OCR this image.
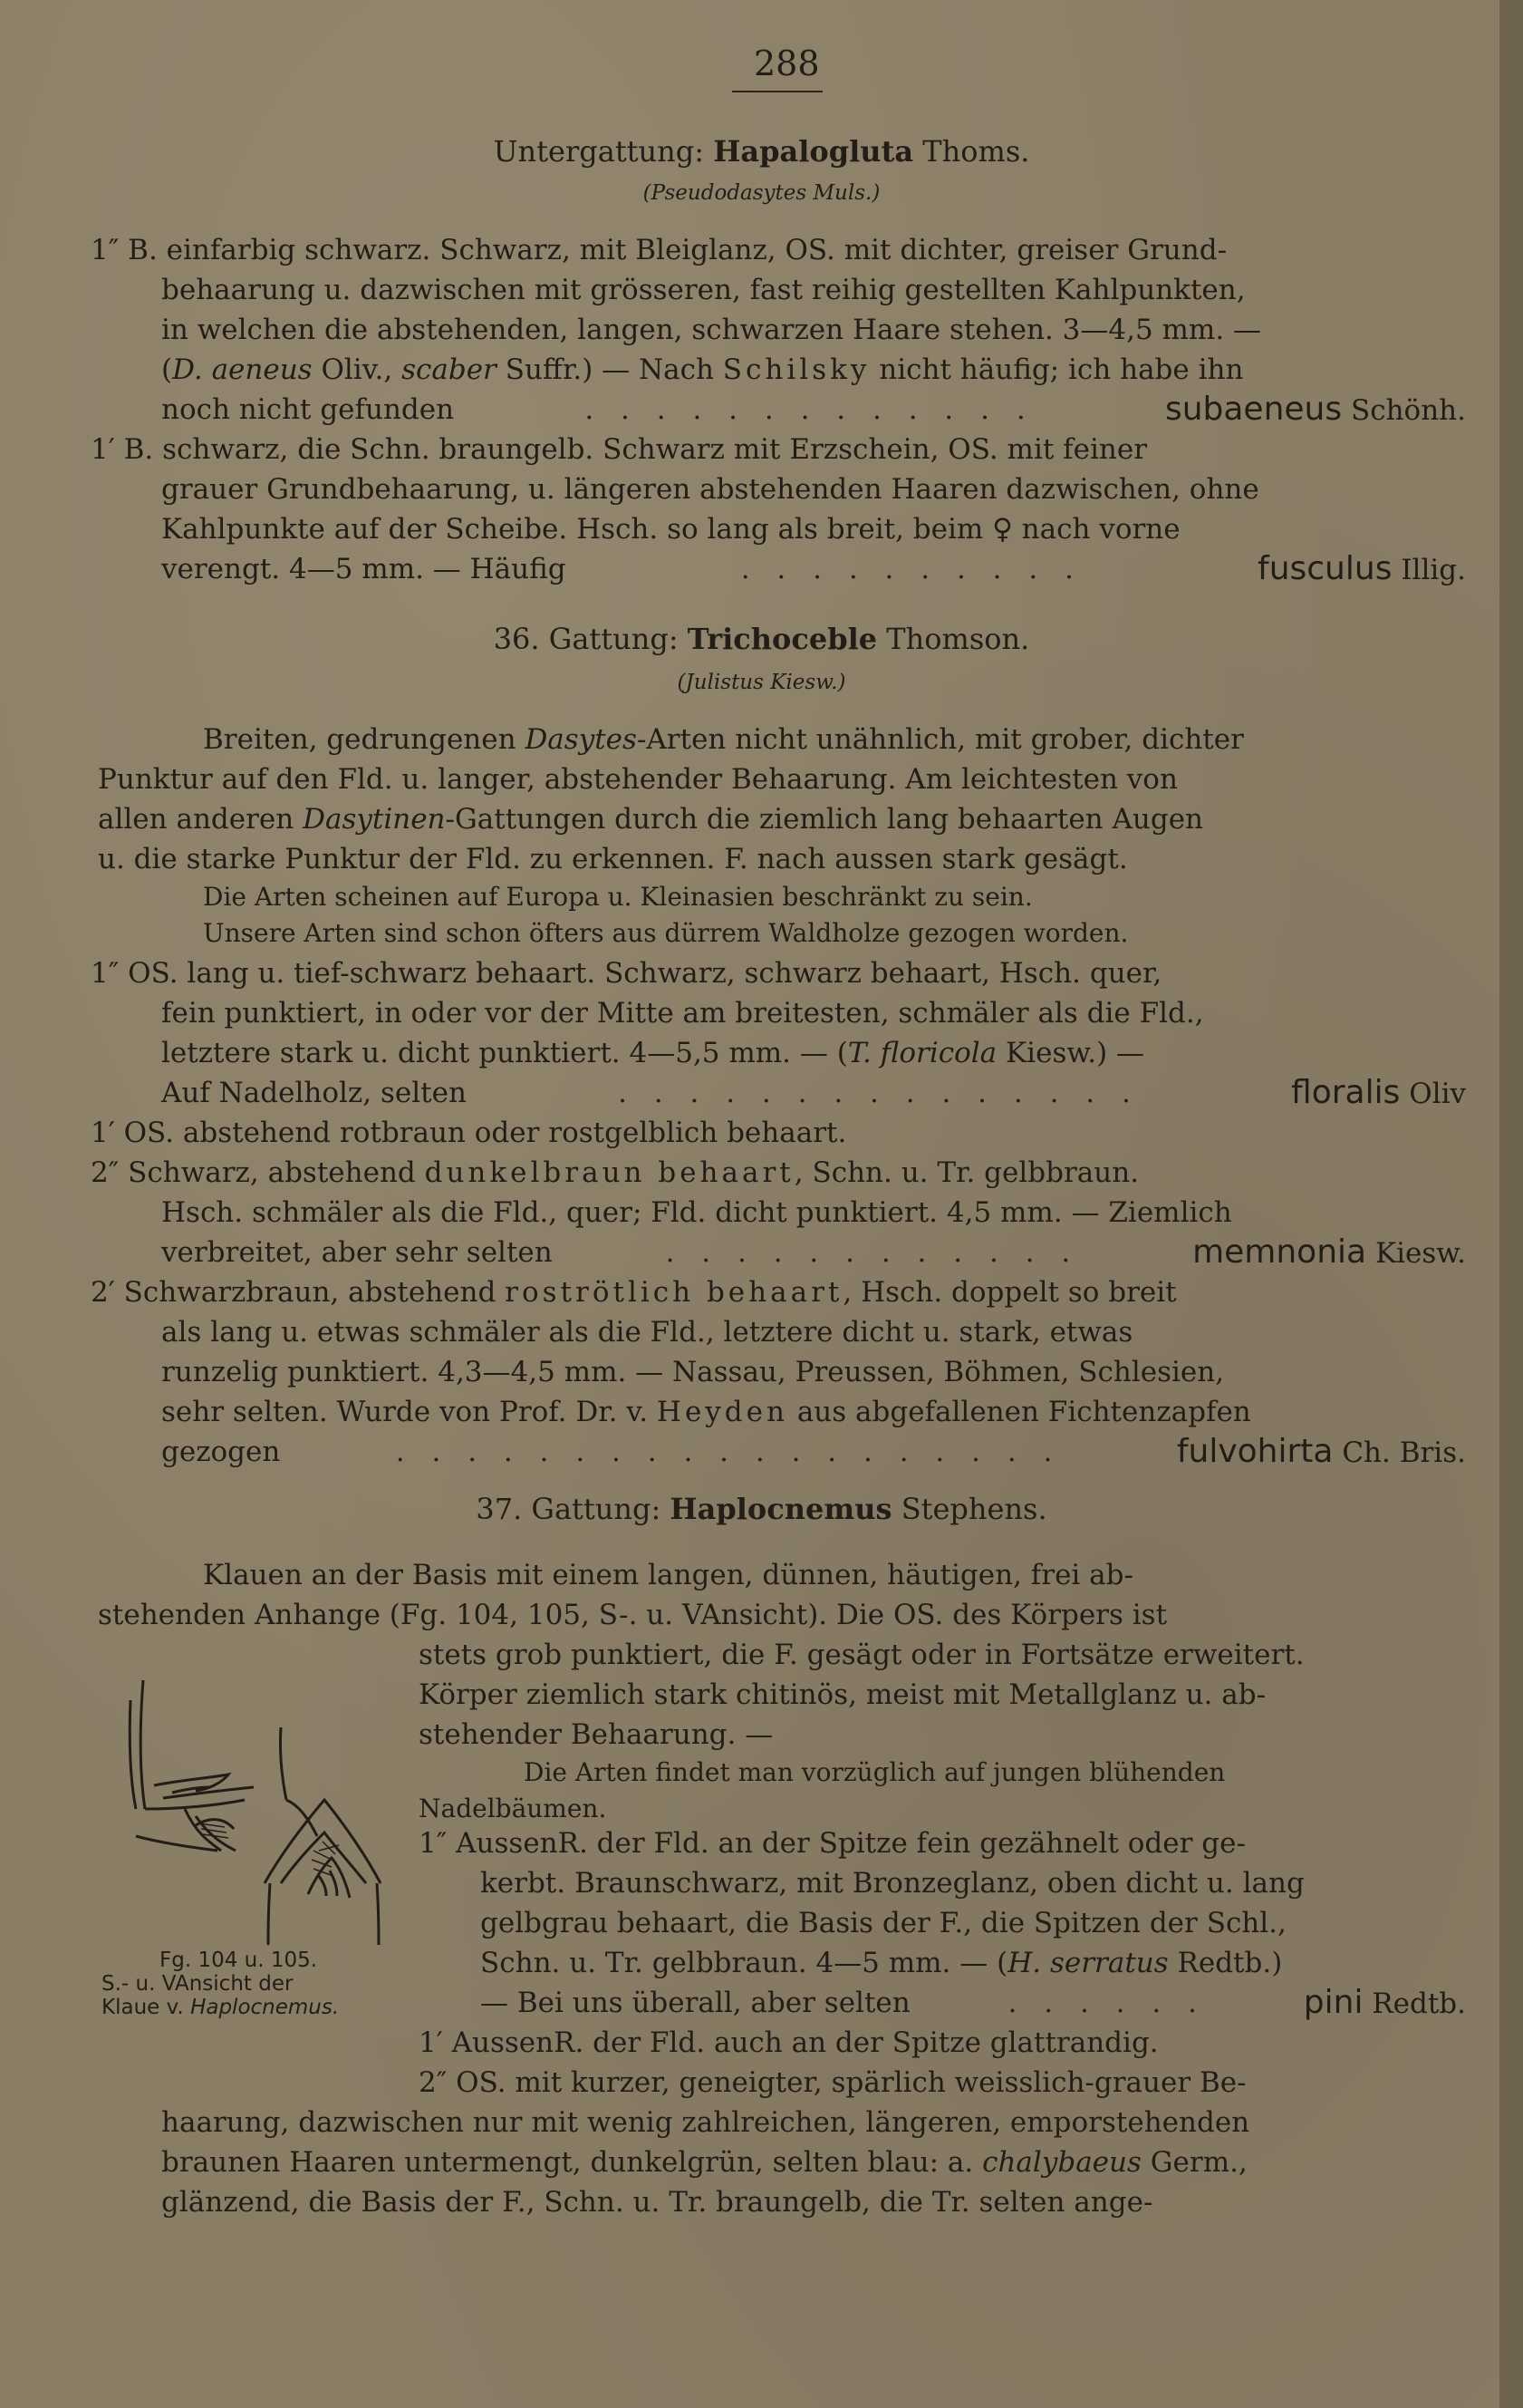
288
Untergattung: Hapalogluta Thoms.
(Pseudodasytes Muls.)
1″ B. einfarbig schwarz. Schwarz, mit Bleiglanz, OS. mit dichter, greiser Grund-
behaarung u. dazwischen mit grösseren, fast reihig gestellten Kahlpunkten,
in welchen die abstehenden, langen, schwarzen Haare stehen. 3—4,5 mm. —
(D. aeneus Oliv., scaber Suffr.) — Nach Schilsky nicht häufig; ich habe ihn
noch nicht gefunden	. . . . . . . . . . . . .	subaeneus Schönh.
1′ B. schwarz, die Schn. braungelb. Schwarz mit Erzschein, OS. mit feiner
grauer Grundbehaarung, u. längeren abstehenden Haaren dazwischen, ohne
Kahlpunkte auf der Scheibe. Hsch. so lang als breit, beim ♀ nach vorne
verengt. 4—5 mm. — Häufig	. . . . . . . . . .	fusculus Illig.
36. Gattung: Trichoceble Thomson.
(Julistus Kiesw.)
Breiten, gedrungenen Dasytes-Arten nicht unähnlich, mit grober, dichter
Punktur auf den Fld. u. langer, abstehender Behaarung. Am leichtesten von
allen anderen Dasytinen-Gattungen durch die ziemlich lang behaarten Augen
u. die starke Punktur der Fld. zu erkennen. F. nach aussen stark gesägt.
Die Arten scheinen auf Europa u. Kleinasien beschränkt zu sein.
Unsere Arten sind schon öfters aus dürrem Waldholze gezogen worden.
1″ OS. lang u. tief-schwarz behaart. Schwarz, schwarz behaart, Hsch. quer,
fein punktiert, in oder vor der Mitte am breitesten, schmäler als die Fld.,
letztere stark u. dicht punktiert. 4—5,5 mm. — (T. floricola Kiesw.) —
Auf Nadelholz, selten	. . . . . . . . . . . . . . .	floralis Oliv
1′ OS. abstehend rotbraun oder rostgelblich behaart.
2″ Schwarz, abstehend dunkelbraun behaart, Schn. u. Tr. gelbbraun.
Hsch. schmäler als die Fld., quer; Fld. dicht punktiert. 4,5 mm. — Ziemlich
verbreitet, aber sehr selten	. . . . . . . . . . . .	memnonia Kiesw.
2′ Schwarzbraun, abstehend roströtlich behaart, Hsch. doppelt so breit
als lang u. etwas schmäler als die Fld., letztere dicht u. stark, etwas
runzelig punktiert. 4,3—4,5 mm. — Nassau, Preussen, Böhmen, Schlesien,
sehr selten. Wurde von Prof. Dr. v. Heyden aus abgefallenen Fichtenzapfen
gezogen	. . . . . . . . . . . . . . . . . . .	fulvohirta Ch. Bris.
37. Gattung: Haplocnemus Stephens.
Klauen an der Basis mit einem langen, dünnen, häutigen, frei ab-
stehenden Anhange (Fg. 104, 105, S-. u. VAnsicht). Die OS. des Körpers ist
stets grob punktiert, die F. gesägt oder in Fortsätze erweitert.
Körper ziemlich stark chitinös, meist mit Metallglanz u. ab-
stehender Behaarung. —
Die Arten findet man vorzüglich auf jungen blühenden
Nadelbäumen.
Fg. 104 u. 105.
S.- u. VAnsicht der
Klaue v. Haplocnemus.
1″ AussenR. der Fld. an der Spitze fein gezähnelt oder ge-
kerbt. Braunschwarz, mit Bronzeglanz, oben dicht u. lang
gelbgrau behaart, die Basis der F., die Spitzen der Schl.,
Schn. u. Tr. gelbbraun. 4—5 mm. — (H. serratus Redtb.)
— Bei uns überall, aber selten	. . . . . .	pini Redtb.
1′ AussenR. der Fld. auch an der Spitze glattrandig.
2″ OS. mit kurzer, geneigter, spärlich weisslich-grauer Be-
haarung, dazwischen nur mit wenig zahlreichen, längeren, emporstehenden
braunen Haaren untermengt, dunkelgrün, selten blau: a. chalybaeus Germ.,
glänzend, die Basis der F., Schn. u. Tr. braungelb, die Tr. selten ange-
